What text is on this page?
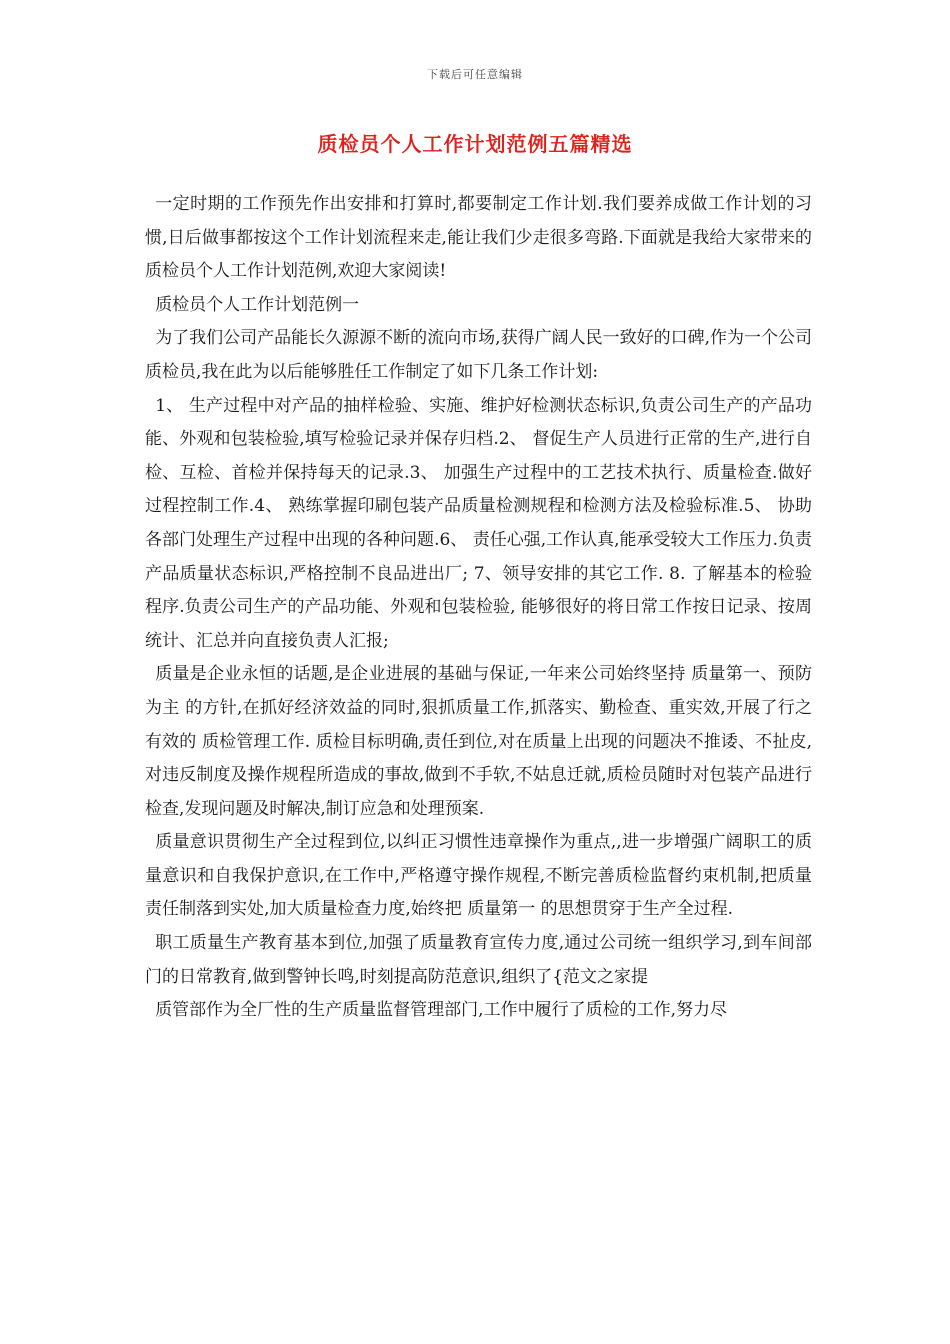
下载后可任意编辑
质检员个人工作计划范例五篇精选

一定时期的工作预先作出安排和打算时,都要制定工作计划.我们要养成做工作计划的习惯,日后做事都按这个工作计划流程来走,能让我们少走很多弯路.下面就是我给大家带来的质检员个人工作计划范例,欢迎大家阅读!

质检员个人工作计划范例一

为了我们公司产品能长久源源不断的流向市场,获得广阔人民一致好的口碑,作为一个公司质检员,我在此为以后能够胜任工作制定了如下几条工作计划:

1、 生产过程中对产品的抽样检验、实施、维护好检测状态标识,负责公司生产的产品功能、外观和包装检验,填写检验记录并保存归档.2、 督促生产人员进行正常的生产,进行自检、互检、首检并保持每天的记录.3、 加强生产过程中的工艺技术执行、质量检查.做好过程控制工作.4、 熟练掌握印刷包装产品质量检测规程和检测方法及检验标准.5、 协助各部门处理生产过程中出现的各种问题.6、 责任心强,工作认真,能承受较大工作压力.负责产品质量状态标识,严格控制不良品进出厂; 7、领导安排的其它工作. 8. 了解基本的检验程序.负责公司生产的产品功能、外观和包装检验, 能够很好的将日常工作按日记录、按周统计、汇总并向直接负责人汇报;

质量是企业永恒的话题,是企业进展的基础与保证,一年来公司始终坚持 质量第一、预防为主 的方针,在抓好经济效益的同时,狠抓质量工作,抓落实、勤检查、重实效,开展了行之有效的 质检管理工作. 质检目标明确,责任到位,对在质量上出现的问题决不推诿、不扯皮,对违反制度及操作规程所造成的事故,做到不手软,不姑息迁就,质检员随时对包装产品进行检查,发现问题及时解决,制订应急和处理预案.

质量意识贯彻生产全过程到位,以纠正习惯性违章操作为重点,,进一步增强广阔职工的质量意识和自我保护意识,在工作中,严格遵守操作规程,不断完善质检监督约束机制,把质量责任制落到实处,加大质量检查力度,始终把 质量第一 的思想贯穿于生产全过程.

职工质量生产教育基本到位,加强了质量教育宣传力度,通过公司统一组织学习,到车间部门的日常教育,做到警钟长鸣,时刻提高防范意识,组织了{范文之家提

质管部作为全厂性的生产质量监督管理部门,工作中履行了质检的工作,努力尽
